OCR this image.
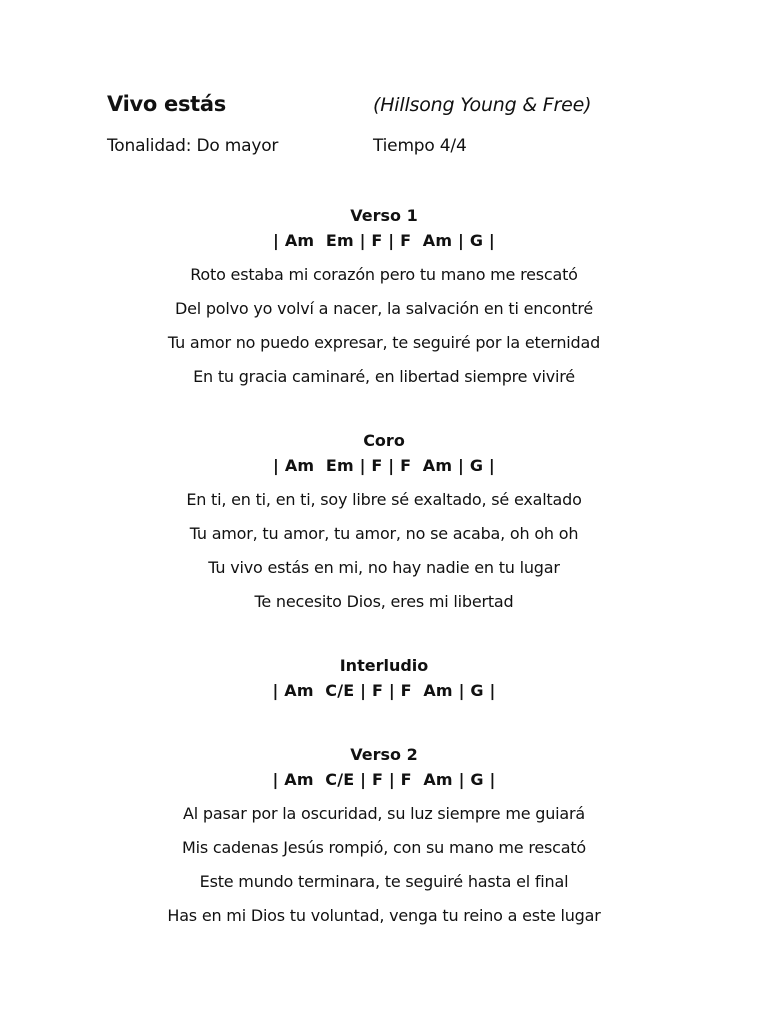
Vivo estás	(Hillsong Young & Free)
Tonalidad: Do mayor	Tiempo 4/4
Verso 1
| Am  Em | F | F  Am | G |
Roto estaba mi corazón pero tu mano me rescató
Del polvo yo volví a nacer, la salvación en ti encontré
Tu amor no puedo expresar, te seguiré por la eternidad
En tu gracia caminaré, en libertad siempre viviré
Coro
| Am  Em | F | F  Am | G |
En ti, en ti, en ti, soy libre sé exaltado, sé exaltado
Tu amor, tu amor, tu amor, no se acaba, oh oh oh
Tu vivo estás en mi, no hay nadie en tu lugar
Te necesito Dios, eres mi libertad
Interludio
| Am  C/E | F | F  Am | G |
Verso 2
| Am  C/E | F | F  Am | G |
Al pasar por la oscuridad, su luz siempre me guiará
Mis cadenas Jesús rompió, con su mano me rescató
Este mundo terminara, te seguiré hasta el final
Has en mi Dios tu voluntad, venga tu reino a este lugar
